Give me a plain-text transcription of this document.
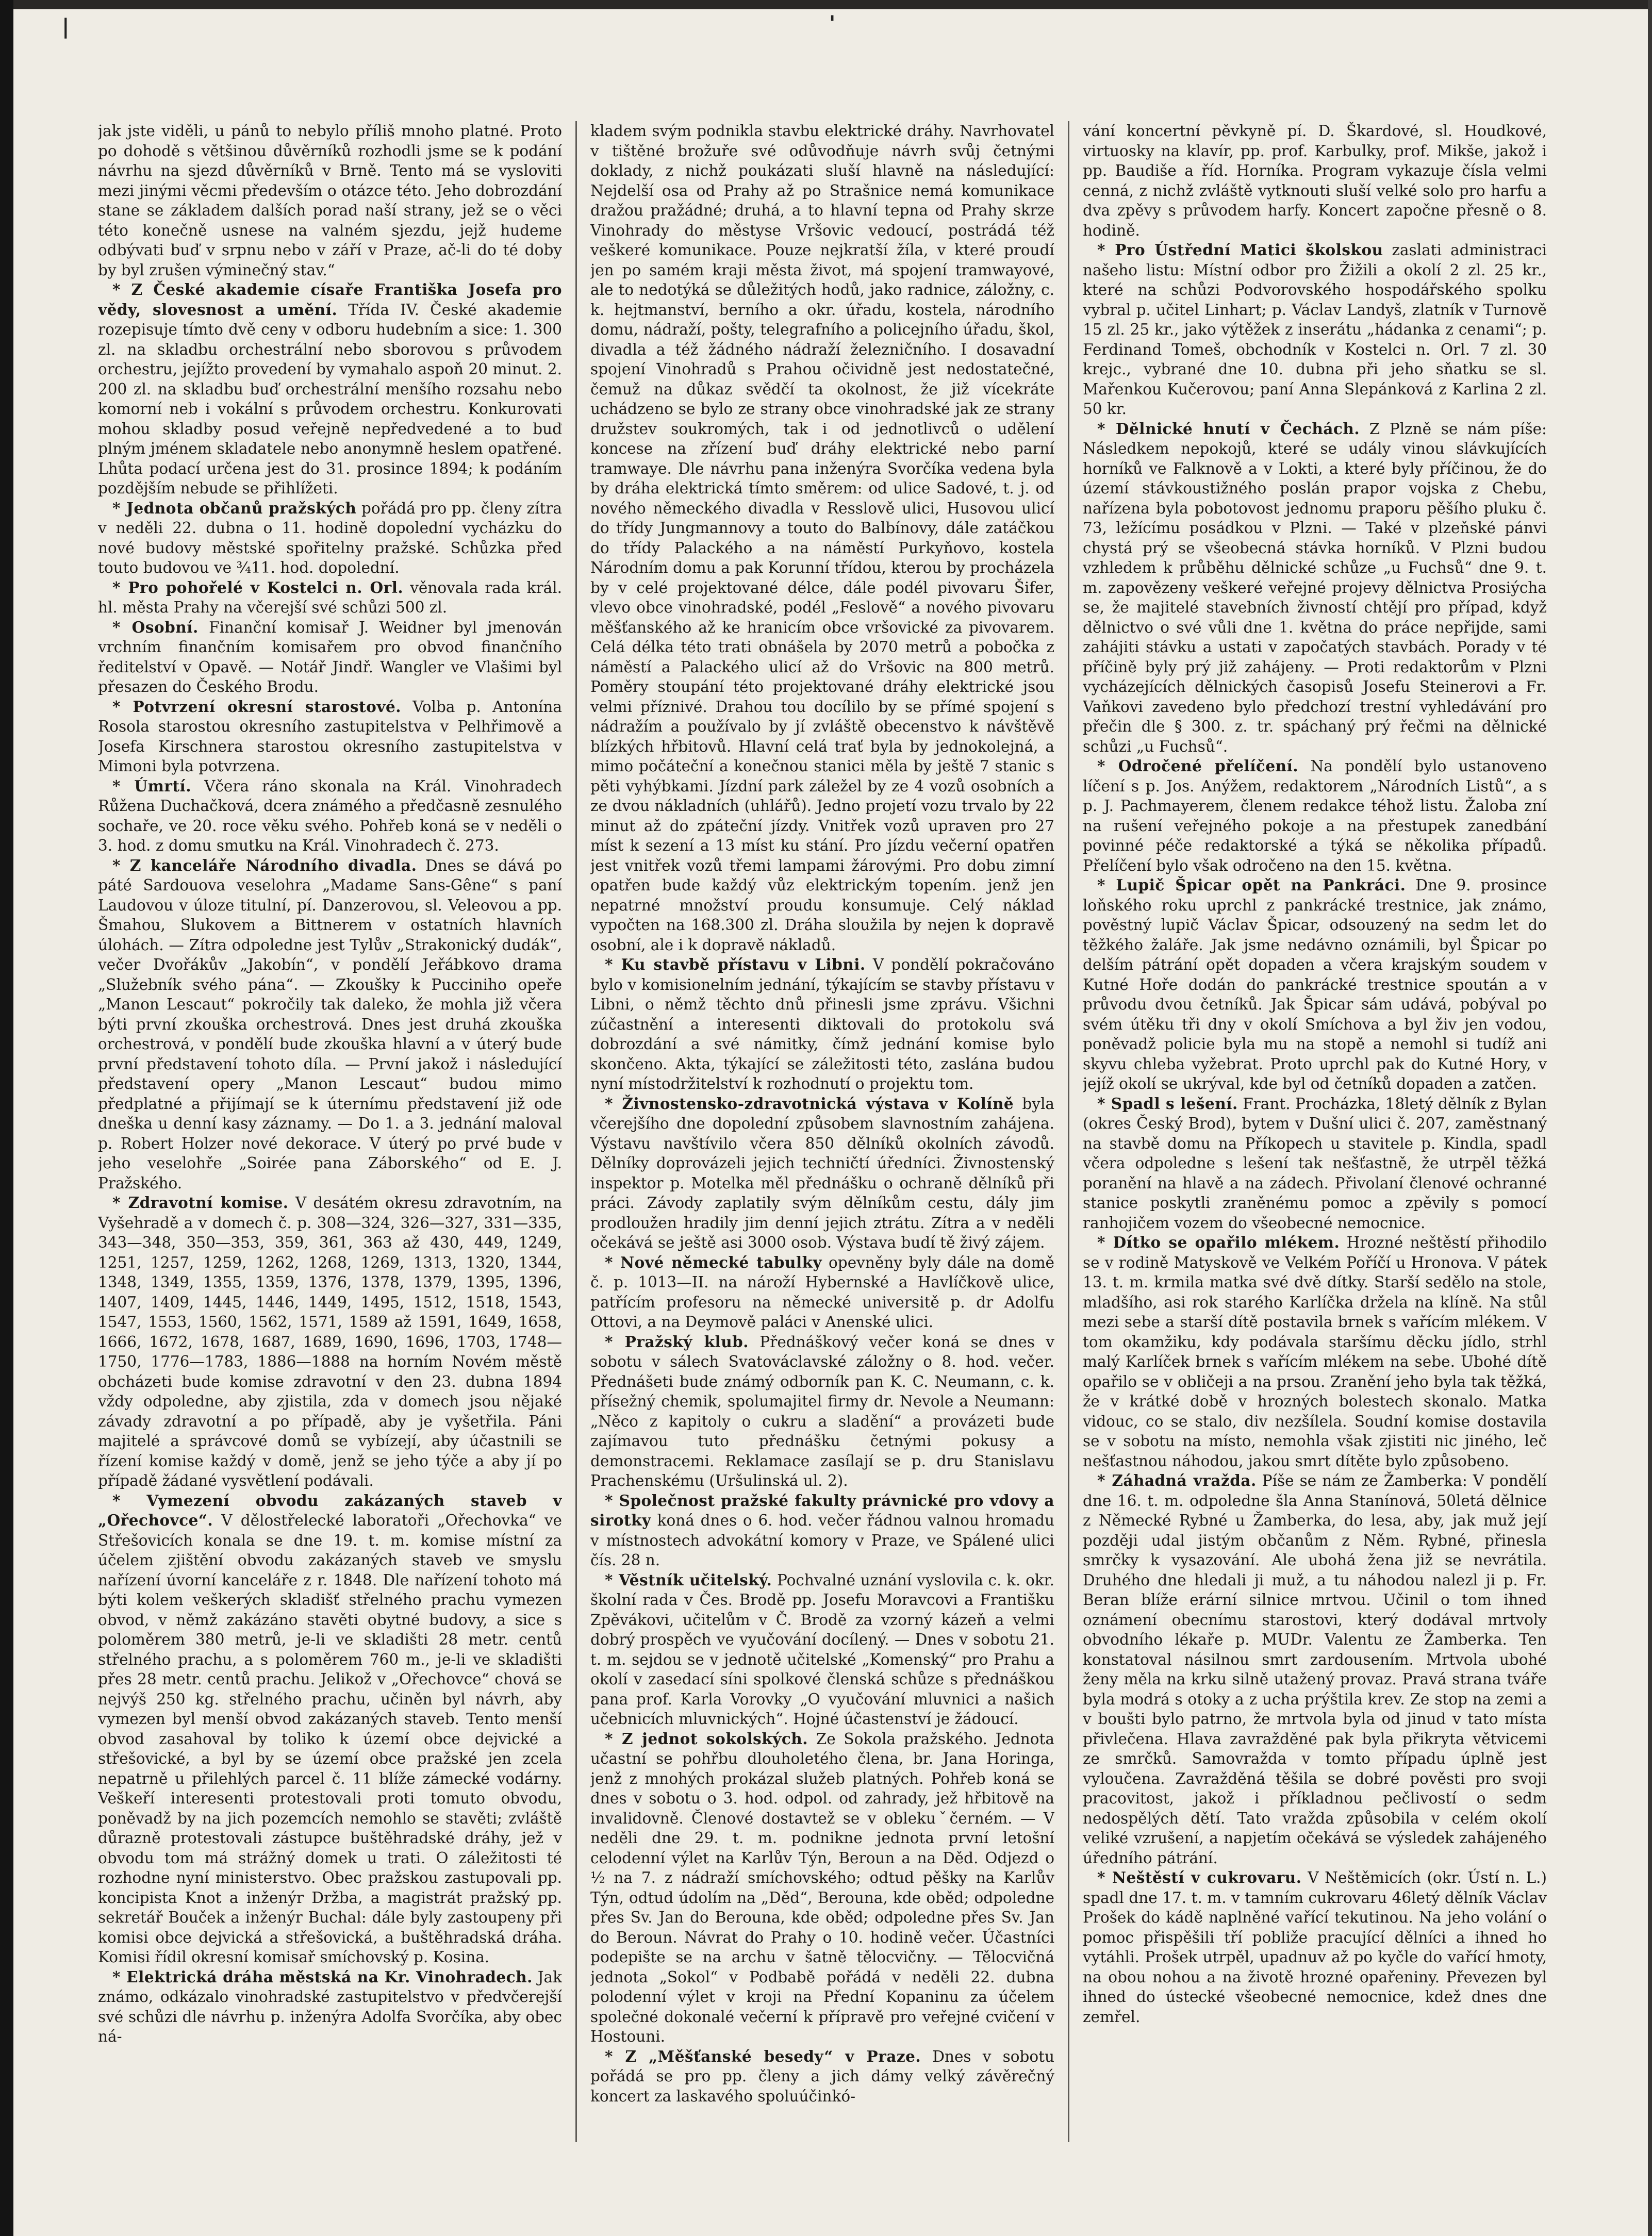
|	'

jak jste viděli, u pánů to nebylo příliš mnoho platné. Proto po dohodě s většinou důvěrníků rozhodli jsme se k podání návrhu na sjezd důvěrníků v Brně. Tento má se vysloviti mezi jinými věcmi především o otázce této. Jeho dobrozdání stane se základem dalších porad naší strany, jež se o věci této konečně usnese na valném sjezdu, jejž hudeme odbývati buď v srpnu nebo v září v Praze, ač-li do té doby by byl zrušen výminečný stav.“

* Z České akademie císaře Františka Josefa pro vědy, slovesnost a umění. Třída IV. České akademie rozepisuje tímto dvě ceny v odboru hudebním a sice: 1. 300 zl. na skladbu orchestrální nebo sborovou s průvodem orchestru, jejížto provedení by vymahalo aspoň 20 minut. 2. 200 zl. na skladbu buď orchestrální menšího rozsahu nebo komorní neb i vokální s průvodem orchestru. Konkurovati mohou skladby posud veřejně nepředvedené a to buď plným jménem skladatele nebo anonymně heslem opatřené. Lhůta podací určena jest do 31. prosince 1894; k podáním pozdějším nebude se přihlížeti.

* Jednota občanů pražských pořádá pro pp. členy zítra v neděli 22. dubna o 11. hodině dopolední vycházku do nové budovy městské spořitelny pražské. Schůzka před touto budovou ve ¾11. hod. dopolední.

* Pro pohořelé v Kostelci n. Orl. věnovala rada král. hl. města Prahy na včerejší své schůzi 500 zl.

* Osobní. Finanční komisař J. Weidner byl jmenován vrchním finančním komisařem pro obvod finančního ředitelství v Opavě. — Notář Jindř. Wangler ve Vlašimi byl přesazen do Českého Brodu.

* Potvrzení okresní starostové. Volba p. Antonína Rosola starostou okresního zastupitelstva v Pelhřimově a Josefa Kirschnera starostou okresního zastupitelstva v Mimoni byla potvrzena.

* Úmrtí. Včera ráno skonala na Král. Vinohradech Růžena Duchačková, dcera známého a předčasně zesnulého sochaře, ve 20. roce věku svého. Pohřeb koná se v neděli o 3. hod. z domu smutku na Král. Vinohradech č. 273.

* Z kanceláře Národního divadla. Dnes se dává po páté Sardouova veselohra „Madame Sans-Gêne“ s paní Laudovou v úloze titulní, pí. Danzerovou, sl. Veleovou a pp. Šmahou, Slukovem a Bittnerem v ostatních hlavních úlohách. — Zítra odpoledne jest Tylův „Strakonický dudák“, večer Dvořákův „Jakobín“, v pondělí Jeřábkovo drama „Služebník svého pána“. — Zkoušky k Pucciniho opeře „Manon Lescaut“ pokročily tak daleko, že mohla již včera býti první zkouška orchestrová. Dnes jest druhá zkouška orchestrová, v pondělí bude zkouška hlavní a v úterý bude první představení tohoto díla. — První jakož i následující představení opery „Manon Lescaut“ budou mimo předplatné a přijímají se k úternímu představení již ode dneška u denní kasy záznamy. — Do 1. a 3. jednání maloval p. Robert Holzer nové dekorace. V úterý po prvé bude v jeho veselohře „Soirée pana Záborského“ od E. J. Pražského.

* Zdravotní komise. V desátém okresu zdravotním, na Vyšehradě a v domech č. p. 308—324, 326—327, 331—335, 343—348, 350—353, 359, 361, 363 až 430, 449, 1249, 1251, 1257, 1259, 1262, 1268, 1269, 1313, 1320, 1344, 1348, 1349, 1355, 1359, 1376, 1378, 1379, 1395, 1396, 1407, 1409, 1445, 1446, 1449, 1495, 1512, 1518, 1543, 1547, 1553, 1560, 1562, 1571, 1589 až 1591, 1649, 1658, 1666, 1672, 1678, 1687, 1689, 1690, 1696, 1703, 1748—1750, 1776—1783, 1886—1888 na horním Novém městě obcházeti bude komise zdravotní v den 23. dubna 1894 vždy odpoledne, aby zjistila, zda v domech jsou nějaké závady zdravotní a po případě, aby je vyšetřila. Páni majitelé a správcové domů se vybízejí, aby účastnili se řízení komise každý v domě, jenž se jeho týče a aby jí po případě žádané vysvětlení podávali.

* Vymezení obvodu zakázaných staveb v „Ořechovce“. V dělostřelecké laboratoři „Ořechovka“ ve Střešovicích konala se dne 19. t. m. komise místní za účelem zjištění obvodu zakázaných staveb ve smyslu nařízení úvorní kanceláře z r. 1848. Dle nařízení tohoto má býti kolem veškerých skladišť střelného prachu vymezen obvod, v němž zakázáno stavěti obytné budovy, a sice s poloměrem 380 metrů, je-li ve skladišti 28 metr. centů střelného prachu, a s poloměrem 760 m., je-li ve skladišti přes 28 metr. centů prachu. Jelikož v „Ořechovce“ chová se nejvýš 250 kg. střelného prachu, učiněn byl návrh, aby vymezen byl menší obvod zakázaných staveb. Tento menší obvod zasahoval by toliko k území obce dejvické a střešovické, a byl by se území obce pražské jen zcela nepatrně u přilehlých parcel č. 11 blíže zámecké vodárny. Veškeří interesenti protestovali proti tomuto obvodu, poněvadž by na jich pozemcích nemohlo se stavěti; zvláště důrazně protestovali zástupce buštěhradské dráhy, jež v obvodu tom má strážný domek u trati. O záležitosti té rozhodne nyní ministerstvo. Obec pražskou zastupovali pp. koncipista Knot a inženýr Držba, a magistrát pražský pp. sekretář Bouček a inženýr Buchal: dále byly zastoupeny při komisi obce dejvická a střešovická, a buštěhradská dráha. Komisi řídil okresní komisař smíchovský p. Kosina.

* Elektrická dráha městská na Kr. Vinohradech. Jak známo, odkázalo vinohradské zastupitelstvo v předvčerejší své schůzi dle návrhu p. inženýra Adolfa Svorčíka, aby obec ná-

kladem svým podnikla stavbu elektrické dráhy. Navrhovatel v tištěné brožuře své odůvodňuje návrh svůj četnými doklady, z nichž poukázati sluší hlavně na následující: Nejdelší osa od Prahy až po Strašnice nemá komunikace dražou pražádné; druhá, a to hlavní tepna od Prahy skrze Vinohrady do městyse Vršovic vedoucí, postrádá též veškeré komunikace. Pouze nejkratší žíla, v které proudí jen po samém kraji města život, má spojení tramwayové, ale to nedotýká se důležitých hodů, jako radnice, záložny, c. k. hejtmanství, berního a okr. úřadu, kostela, národního domu, nádraží, pošty, telegrafního a policejního úřadu, škol, divadla a též žádného nádraží železničního. I dosavadní spojení Vinohradů s Prahou očividně jest nedostatečné, čemuž na důkaz svědčí ta okolnost, že již vícekráte uchádzeno se bylo ze strany obce vinohradské jak ze strany družstev soukromých, tak i od jednotlivců o udělení koncese na zřízení buď dráhy elektrické nebo parní tramwaye. Dle návrhu pana inženýra Svorčíka vedena byla by dráha elektrická tímto směrem: od ulice Sadové, t. j. od nového německého divadla v Resslově ulici, Husovou ulicí do třídy Jungmannovy a touto do Balbínovy, dále zatáčkou do třídy Palackého a na náměstí Purkyňovo, kostela Národním domu a pak Korunní třídou, kterou by procházela by v celé projektované délce, dále podél pivovaru Šifer, vlevo obce vinohradské, podél „Feslově“ a nového pivovaru měšťanského až ke hranicím obce vršovické za pivovarem. Celá délka této trati obnášela by 2070 metrů a pobočka z náměstí a Palackého ulicí až do Vršovic na 800 metrů. Poměry stoupání této projektované dráhy elektrické jsou velmi příznivé. Drahou tou docílilo by se přímé spojení s nádražím a používalo by jí zvláště obecenstvo k návštěvě blízkých hřbitovů. Hlavní celá trať byla by jednokolejná, a mimo počáteční a konečnou stanici měla by ještě 7 stanic s pěti vyhýbkami. Jízdní park záležel by ze 4 vozů osobních a ze dvou nákladních (uhlářů). Jedno projetí vozu trvalo by 22 minut až do zpáteční jízdy. Vnitřek vozů upraven pro 27 míst k sezení a 13 míst ku stání. Pro jízdu večerní opatřen jest vnitřek vozů třemi lampami žárovými. Pro dobu zimní opatřen bude každý vůz elektrickým topením. jenž jen nepatrné množství proudu konsumuje. Celý náklad vypočten na 168.300 zl. Dráha sloužila by nejen k dopravě osobní, ale i k dopravě nákladů.

* Ku stavbě přístavu v Libni. V pondělí pokračováno bylo v komisionelním jednání, týkajícím se stavby přístavu v Libni, o němž těchto dnů přinesli jsme zprávu. Všichni zúčastnění a interesenti diktovali do protokolu svá dobrozdání a své námitky, čímž jednání komise bylo skončeno. Akta, týkající se záležitosti této, zaslána budou nyní místodržitelství k rozhodnutí o projektu tom.

* Živnostensko-zdravotnická výstava v Kolíně byla včerejšího dne dopolední způsobem slavnostním zahájena. Výstavu navštívilo včera 850 dělníků okolních závodů. Dělníky doprovázeli jejich techničtí úředníci. Živnostenský inspektor p. Motelka měl přednášku o ochraně dělníků při práci. Závody zaplatily svým dělníkům cestu, dály jim prodloužen hradily jim denní jejich ztrátu. Zítra a v neděli očekává se ještě asi 3000 osob. Výstava budí tě živý zájem.

* Nové německé tabulky opevněny byly dále na domě č. p. 1013—II. na nároží Hybernské a Havlíčkově ulice, patřícím profesoru na německé universitě p. dr Adolfu Ottovi, a na Deymově paláci v Anenské ulici.

* Pražský klub. Přednáškový večer koná se dnes v sobotu v sálech Svatováclavské záložny o 8. hod. večer. Přednášeti bude známý odborník pan K. C. Neumann, c. k. přísežný chemik, spolumajitel firmy dr. Nevole a Neumann: „Něco z kapitoly o cukru a sladění“ a provázeti bude zajímavou tuto přednášku četnými pokusy a demonstracemi. Reklamace zasílají se p. dru Stanislavu Prachenskému (Uršulinská ul. 2).

* Společnost pražské fakulty právnické pro vdovy a sirotky koná dnes o 6. hod. večer řádnou valnou hromadu v místnostech advokátní komory v Praze, ve Spálené ulici čís. 28 n.

* Věstník učitelský. Pochvalné uznání vyslovila c. k. okr. školní rada v Čes. Brodě pp. Josefu Moravcovi a Františku Zpěvákovi, učitelům v Č. Brodě za vzorný kázeň a velmi dobrý prospěch ve vyučování docílený. — Dnes v sobotu 21. t. m. sejdou se v jednotě učitelské „Komenský“ pro Prahu a okolí v zasedací síni spolkové členská schůze s přednáškou pana prof. Karla Vorovky „O vyučování mluvnici a našich učebnicích mluvnických“. Hojné účastenství je žádoucí.

* Z jednot sokolských. Ze Sokola pražského. Jednota učastní se pohřbu dlouholetého člena, br. Jana Horinga, jenž z mnohých prokázal služeb platných. Pohřeb koná se dnes v sobotu o 3. hod. odpol. od zahrady, jež hřbitově na invalidovně. Členové dostavtež se v oblekuˇčerném. — V neděli dne 29. t. m. podnikne jednota první letošní celodenní výlet na Karlův Týn, Beroun a na Děd. Odjezd o ½ na 7. z nádraží smíchovského; odtud pěšky na Karlův Týn, odtud údolím na „Děd“, Berouna, kde oběd; odpoledne přes Sv. Jan do Berouna, kde oběd; odpoledne přes Sv. Jan do Beroun. Návrat do Prahy o 10. hodině večer. Účastníci podepište se na archu v šatně tělocvičny. — Tělocvičná jednota „Sokol“ v Podbabě pořádá v neděli 22. dubna polodenní výlet v kroji na Přední Kopaninu za účelem společné dokonalé večerní k přípravě pro veřejné cvičení v Hostouni.

* Z „Měšťanské besedy“ v Praze. Dnes v sobotu pořádá se pro pp. členy a jich dámy velký závěrečný koncert za laskavého spoluúčinkó-

vání koncertní pěvkyně pí. D. Škardové, sl. Houdkové, virtuosky na klavír, pp. prof. Karbulky, prof. Mikše, jakož i pp. Baudiše a říd. Horníka. Program vykazuje čísla velmi cenná, z nichž zvláště vytknouti sluší velké solo pro harfu a dva zpěvy s průvodem harfy. Koncert započne přesně o 8. hodině.

* Pro Ústřední Matici školskou zaslati administraci našeho listu: Místní odbor pro Žižili a okolí 2 zl. 25 kr., které na schůzi Podvorovského hospodářského spolku vybral p. učitel Linhart; p. Václav Landyš, zlatník v Turnově 15 zl. 25 kr., jako výtěžek z inserátu „hádanka z cenami“; p. Ferdinand Tomeš, obchodník v Kostelci n. Orl. 7 zl. 30 krejc., vybrané dne 10. dubna při jeho sňatku se sl. Mařenkou Kučerovou; paní Anna Slepánková z Karlina 2 zl. 50 kr.

* Dělnické hnutí v Čechách. Z Plzně se nám píše: Následkem nepokojů, které se udály vinou slávkujících horníků ve Falknově a v Lokti, a které byly příčinou, že do území stávkoustižného poslán prapor vojska z Chebu, nařízena byla pobotovost jednomu praporu pěšího pluku č. 73, ležícímu posádkou v Plzni. — Také v plzeňské pánvi chystá prý se všeobecná stávka horníků. V Plzni budou vzhledem k průběhu dělnické schůze „u Fuchsů“ dne 9. t. m. zapovězeny veškeré veřejné projevy dělnictva Prosiýcha se, že majitelé stavebních živností chtějí pro případ, když dělnictvo o své vůli dne 1. května do práce nepřijde, sami zahájiti stávku a ustati v započatých stavbách. Porady v té příčině byly prý již zahájeny. — Proti redaktorům v Plzni vycházejících dělnických časopisů Josefu Steinerovi a Fr. Vaňkovi zavedeno bylo předchozí trestní vyhledávání pro přečin dle § 300. z. tr. spáchaný prý řečmi na dělnické schůzi „u Fuchsů“.

* Odročené přelíčení. Na pondělí bylo ustanoveno líčení s p. Jos. Anýžem, redaktorem „Národních Listů“, a s p. J. Pachmayerem, členem redakce téhož listu. Žaloba zní na rušení veřejného pokoje a na přestupek zanedbání povinné péče redaktorské a týká se několika případů. Přelíčení bylo však odročeno na den 15. května.

* Lupič Špicar opět na Pankráci. Dne 9. prosince loňského roku uprchl z pankrácké trestnice, jak známo, pověstný lupič Václav Špicar, odsouzený na sedm let do těžkého žaláře. Jak jsme nedávno oznámili, byl Špicar po delším pátrání opět dopaden a včera krajským soudem v Kutné Hoře dodán do pankrácké trestnice spoután a v průvodu dvou četníků. Jak Špicar sám udává, pobýval po svém útěku tři dny v okolí Smíchova a byl živ jen vodou, poněvadž policie byla mu na stopě a nemohl si tudíž ani skyvu chleba vyžebrat. Proto uprchl pak do Kutné Hory, v jejíž okolí se ukrýval, kde byl od četníků dopaden a zatčen.

* Spadl s lešení. Frant. Procházka, 18letý dělník z Bylan (okres Český Brod), bytem v Dušní ulici č. 207, zaměstnaný na stavbě domu na Příkopech u stavitele p. Kindla, spadl včera odpoledne s lešení tak nešťastně, že utrpěl těžká poranění na hlavě a na zádech. Přivolaní členové ochranné stanice poskytli zraněnému pomoc a zpěvily s pomocí ranhojičem vozem do všeobecné nemocnice.

* Dítko se opařilo mlékem. Hrozné neštěstí přihodilo se v rodině Matyskově ve Velkém Poříčí u Hronova. V pátek 13. t. m. krmila matka své dvě dítky. Starší sedělo na stole, mladšího, asi rok starého Karlíčka držela na klíně. Na stůl mezi sebe a starší dítě postavila brnek s vařícím mlékem. V tom okamžiku, kdy podávala staršímu děcku jídlo, strhl malý Karlíček brnek s vařícím mlékem na sebe. Ubohé dítě opařilo se v obličeji a na prsou. Zranění jeho byla tak těžká, že v krátké době v hrozných bolestech skonalo. Matka vidouc, co se stalo, div nezšílela. Soudní komise dostavila se v sobotu na místo, nemohla však zjistiti nic jiného, leč nešťastnou náhodou, jakou smrt dítěte bylo způsobeno.

* Záhadná vražda. Píše se nám ze Žamberka: V pondělí dne 16. t. m. odpoledne šla Anna Stanínová, 50letá dělnice z Německé Rybné u Žamberka, do lesa, aby, jak muž její později udal jistým občanům z Něm. Rybné, přinesla smrčky k vysazování. Ale ubohá žena již se nevrátila. Druhého dne hledali ji muž, a tu náhodou nalezl ji p. Fr. Beran blíže erární silnice mrtvou. Učinil o tom ihned oznámení obecnímu starostovi, který dodával mrtvoly obvodního lékaře p. MUDr. Valentu ze Žamberka. Ten konstatoval násilnou smrt zardousením. Mrtvola ubohé ženy měla na krku silně utažený provaz. Pravá strana tváře byla modrá s otoky a z ucha prýštila krev. Ze stop na zemi a v boušti bylo patrno, že mrtvola byla od jinud v tato místa přivlečena. Hlava zavražděné pak byla přikryta větvicemi ze smrčků. Samovražda v tomto případu úplně jest vyloučena. Zavražděná těšila se dobré pověsti pro svoji pracovitost, jakož i příkladnou pečlivostí o sedm nedospělých dětí. Tato vražda způsobila v celém okolí veliké vzrušení, a napjetím očekává se výsledek zahájeného úředního pátrání.

* Neštěstí v cukrovaru. V Neštěmicích (okr. Ústí n. L.) spadl dne 17. t. m. v tamním cukrovaru 46letý dělník Václav Prošek do kádě naplněné vařící tekutinou. Na jeho volání o pomoc přispěšili tří pobliže pracující dělníci a ihned ho vytáhli. Prošek utrpěl, upadnuv až po kyčle do vařící hmoty, na obou nohou a na životě hrozné opařeniny. Převezen byl ihned do ústecké všeobecné nemocnice, kdež dnes dne zemřel.
